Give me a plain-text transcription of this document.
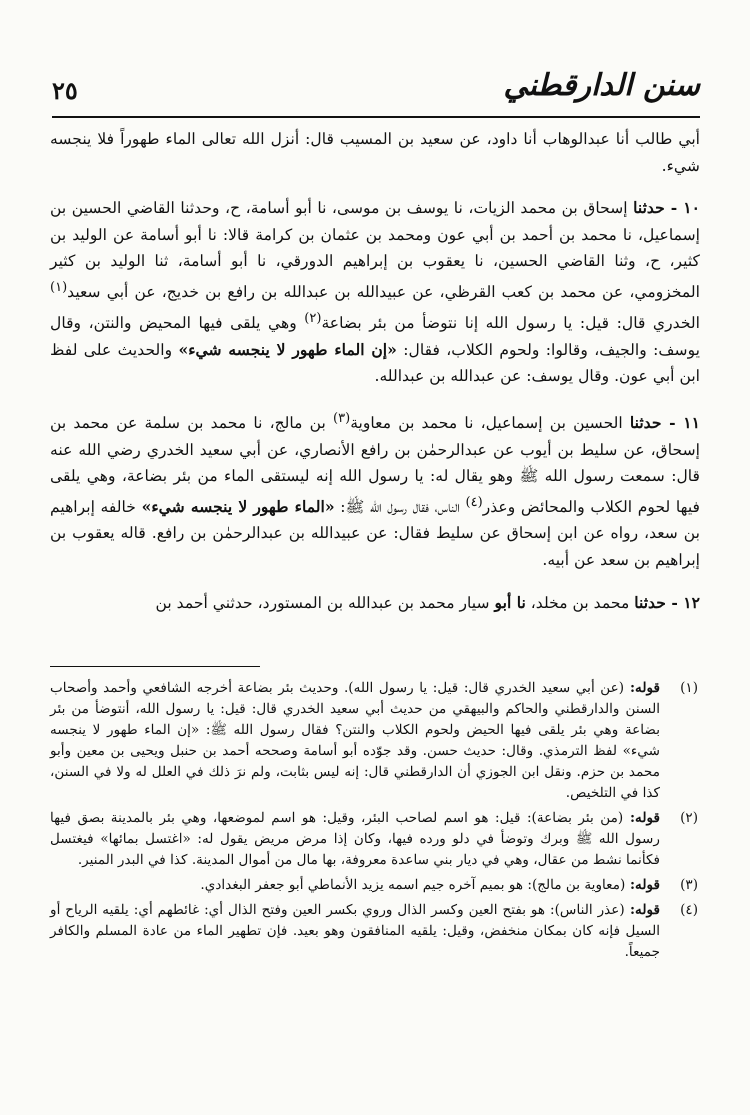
٢٥	سنن الدارقطني

أبي طالب أنا عبدالوهاب أنا داود، عن سعيد بن المسيب قال: أنزل الله تعالى الماء طهوراً فلا ينجسه شيء.

١٠ - حدثنا إسحاق بن محمد الزيات، نا يوسف بن موسى، نا أبو أسامة، ح، وحدثنا القاضي الحسين بن إسماعيل، نا محمد بن أحمد بن أبي عون ومحمد بن عثمان بن كرامة قالا: نا أبو أسامة عن الوليد بن كثير، ح، وثنا القاضي الحسين، نا يعقوب بن إبراهيم الدورقي، نا أبو أسامة، ثنا الوليد بن كثير المخزومي، عن محمد بن كعب القرظي، عن عبيدالله بن عبدالله بن رافع بن خديج، عن أبي سعيد$^{(١)}$ الخدري قال: قيل: يا رسول الله إنا نتوضأ من بئر بضاعة$^{(٢)}$ وهي يلقى فيها المحيض والنتن، وقال يوسف: والجيف، وقالوا: ولحوم الكلاب، فقال: «إن الماء طهور لا ينجسه شيء» والحديث على لفظ ابن أبي عون. وقال يوسف: عن عبدالله بن عبدالله.

١١ - حدثنا الحسين بن إسماعيل، نا محمد بن معاوية$^{(٣)}$ بن مالج، نا محمد بن سلمة عن محمد بن إسحاق، عن سليط بن أيوب عن عبدالرحمٰن بن رافع الأنصاري، عن أبي سعيد الخدري رضي الله عنه قال: سمعت رسول الله ﷺ وهو يقال له: يا رسول الله إنه ليستقى الماء من بئر بضاعة، وهي يلقى فيها لحوم الكلاب والمحائض وعذر$^{(٤)}$ الناس، فقال رسول الله ﷺ: «الماء طهور لا ينجسه شيء» خالفه إبراهيم بن سعد، رواه عن ابن إسحاق عن سليط فقال: عن عبيدالله بن عبدالرحمٰن بن رافع. قاله يعقوب بن إبراهيم بن سعد عن أبيه.

١٢ - حدثنا محمد بن مخلد، نا أبو سيار محمد بن عبدالله بن المستورد، حدثني أحمد بن

(١)
قوله: (عن أبي سعيد الخدري قال: قيل: يا رسول الله). وحديث بئر بضاعة أخرجه الشافعي وأحمد وأصحاب السنن والدارقطني والحاكم والبيهقي من حديث أبي سعيد الخدري قال: قيل: يا رسول الله، أنتوضأ من بئر بضاعة وهي بئر يلقى فيها الحيض ولحوم الكلاب والنتن؟ فقال رسول الله ﷺ: «إن الماء طهور لا ينجسه شيء» لفظ الترمذي. وقال: حديث حسن. وقد جوّده أبو أسامة وصححه أحمد بن حنبل ويحيى بن معين وأبو محمد بن حزم. ونقل ابن الجوزي أن الدارقطني قال: إنه ليس بثابت، ولم نرَ ذلك في العلل له ولا في السنن، كذا في التلخيص.
(٢)
قوله: (من بئر بضاعة): قيل: هو اسم لصاحب البئر، وقيل: هو اسم لموضعها، وهي بئر بالمدينة بصق فيها رسول الله ﷺ وبرك وتوضأ في دلو ورده فيها، وكان إذا مرض مريض يقول له: «اغتسل بمائها» فيغتسل فكأنما نشط من عقال، وهي في ديار بني ساعدة معروفة، بها مال من أموال المدينة. كذا في البدر المنير.
(٣)
قوله: (معاوية بن مالج): هو بميم آخره جيم اسمه يزيد الأنماطي أبو جعفر البغدادي.
(٤)
قوله: (عذر الناس): هو بفتح العين وكسر الذال وروي بكسر العين وفتح الذال أي: غائطهم أي: يلقيه الرياح أو السيل فإنه كان بمكان منخفض، وقيل: يلقيه المنافقون وهو بعيد. فإن تطهير الماء من عادة المسلم والكافر جميعاً.
